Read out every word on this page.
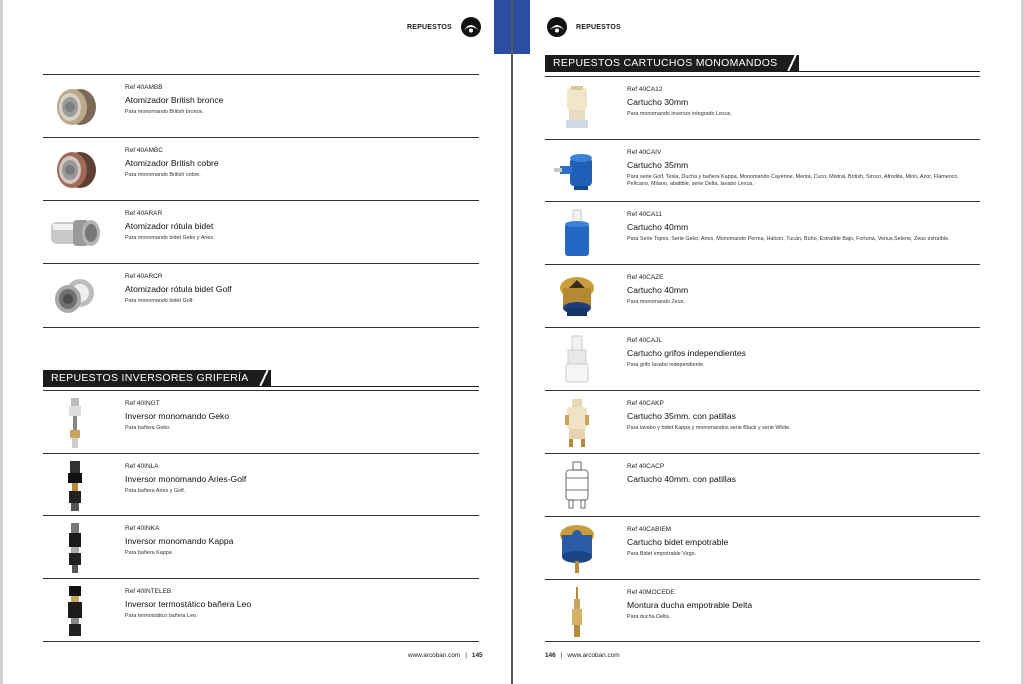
REPUESTOS	REPUESTOS
Ref 40AMBB
Atomizador British bronce
Para monomando British bronce.
Ref 40AMBC
Atomizador British cobre
Para monomando British cobre.
Ref 40ARAR
Atomizador rótula bidet
Para monomando bidet Geko y Aries.
Ref 40ARCR
Atomizador rótula bidet Golf
Para monomando bidet Golf.
REPUESTOS INVERSORES GRIFERÍA
Ref 40INGT
Inversor monomando Geko
Para bañera Geko.
Ref 40INLA
Inversor monomando Aries-Golf
Para bañera Aries y Golf.
Ref 40INKA
Inversor monomando Kappa
Para bañera Kappa
Ref 40INTELEB
Inversor termostático bañera Leo
Para termostático bañera Leo.
www.arcoban.com | 145
REPUESTOS CARTUCHOS MONOMANDOS
Ref 40CA12
Cartucho 30mm
Para monomando inversor integrado Lexus.
Ref 40CAIV
Cartucho 35mm
Para serie Golf, Tesla, Ducha y bañera Kappa, Monomando Cayenne, Menta, Cuco, Mistral, British, Siroco, Afrodita, Mirlo, Azor, Flamenco, Pelícano, Milano, abatible, serie Delta, lavabo Lexus.
Ref 40CA11
Cartucho 40mm
Para Serie Topos, Serie Geko, Aries, Monomando Perma, Halcón, Tucán, Búho, Extraíble Bajo, Fortuna, Venus,Selene, Zeus extraíble.
Ref 40CAZE
Cartucho 40mm
Para monomando Zeus.
Ref 40CAJL
Cartucho grifos independientes
Para grifo lavabo independiente.
Ref 40CAKP
Cartucho 35mm. con patillas
Para lavabo y bidet Kappa y monomandos serie Black y serie White.
Ref 40CACP
Cartucho 40mm. con patillas
Ref 40CABIEM
Cartucho bidet empotrable
Para Bidet empotrable Virgo.
Ref 40MOCEDE
Montura ducha empotrable Delta
Para ducha Delta.
146 | www.arcoban.com
